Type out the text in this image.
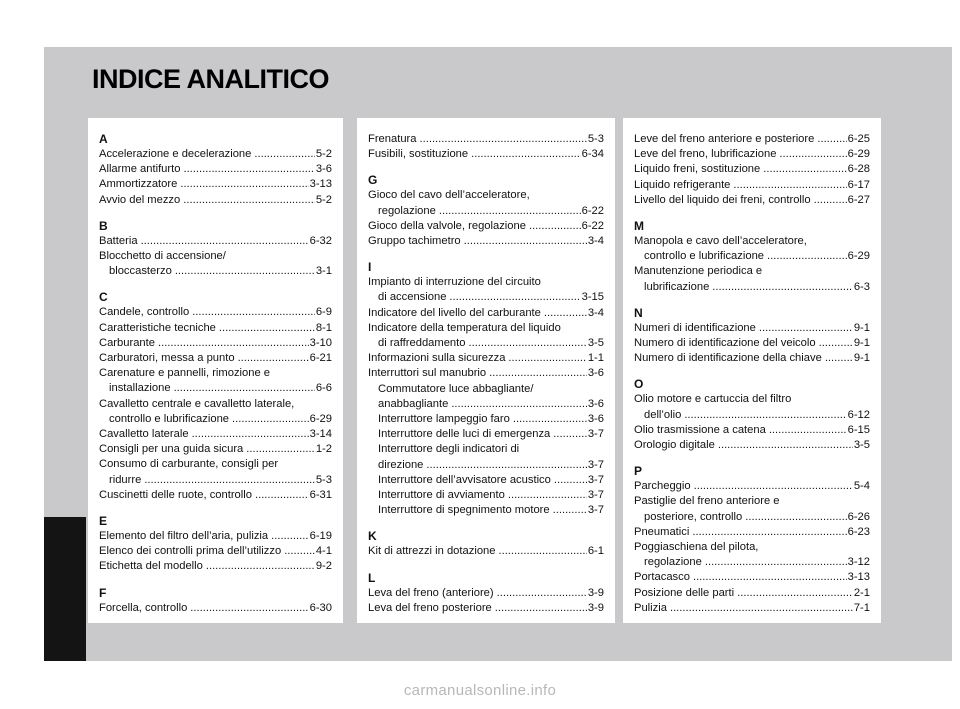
INDICE ANALITICO
A
Accelerazione e decelerazione .....	5-2
Allarme antifurto .....	3-6
Ammortizzatore .....	3-13
Avvio del mezzo .....	5-2
B
Batteria .....	6-32
Blocchetto di accensione/
bloccasterzo .....	3-1
C
Candele, controllo .....	6-9
Caratteristiche tecniche .....	8-1
Carburante .....	3-10
Carburatori, messa a punto .....	6-21
Carenature e pannelli, rimozione e
installazione .....	6-6
Cavalletto centrale e cavalletto laterale,
controllo e lubrificazione .....	6-29
Cavalletto laterale .....	3-14
Consigli per una guida sicura .....	1-2
Consumo di carburante, consigli per
ridurre .....	5-3
Cuscinetti delle ruote, controllo .....	6-31
E
Elemento del filtro dell’aria, pulizia .....	6-19
Elenco dei controlli prima dell’utilizzo .....	4-1
Etichetta del modello .....	9-2
F
Forcella, controllo .....	6-30
Frenatura .....	5-3
Fusibili, sostituzione .....	6-34
G
Gioco del cavo dell’acceleratore,
regolazione .....	6-22
Gioco della valvole, regolazione .....	6-22
Gruppo tachimetro .....	3-4
I
Impianto di interruzione del circuito
di accensione .....	3-15
Indicatore del livello del carburante .....	3-4
Indicatore della temperatura del liquido
di raffreddamento .....	3-5
Informazioni sulla sicurezza .....	1-1
Interruttori sul manubrio .....	3-6
Commutatore luce abbagliante/
anabbagliante .....	3-6
Interruttore lampeggio faro .....	3-6
Interruttore delle luci di emergenza .....	3-7
Interruttore degli indicatori di
direzione .....	3-7
Interruttore dell’avvisatore acustico .....	3-7
Interruttore di avviamento .....	3-7
Interruttore di spegnimento motore .....	3-7
K
Kit di attrezzi in dotazione .....	6-1
L
Leva del freno (anteriore) .....	3-9
Leva del freno posteriore .....	3-9
Leve del freno anteriore e posteriore .....	6-25
Leve del freno, lubrificazione .....	6-29
Liquido freni, sostituzione .....	6-28
Liquido refrigerante .....	6-17
Livello del liquido dei freni, controllo .....	6-27
M
Manopola e cavo dell’acceleratore,
controllo e lubrificazione .....	6-29
Manutenzione periodica e
lubrificazione .....	6-3
N
Numeri di identificazione .....	9-1
Numero di identificazione del veicolo .....	9-1
Numero di identificazione della chiave .....	9-1
O
Olio motore e cartuccia del filtro
dell’olio .....	6-12
Olio trasmissione a catena .....	6-15
Orologio digitale .....	3-5
P
Parcheggio .....	5-4
Pastiglie del freno anteriore e
posteriore, controllo .....	6-26
Pneumatici .....	6-23
Poggiaschiena del pilota,
regolazione .....	3-12
Portacasco .....	3-13
Posizione delle parti .....	2-1
Pulizia .....	7-1
carmanualsonline.info
